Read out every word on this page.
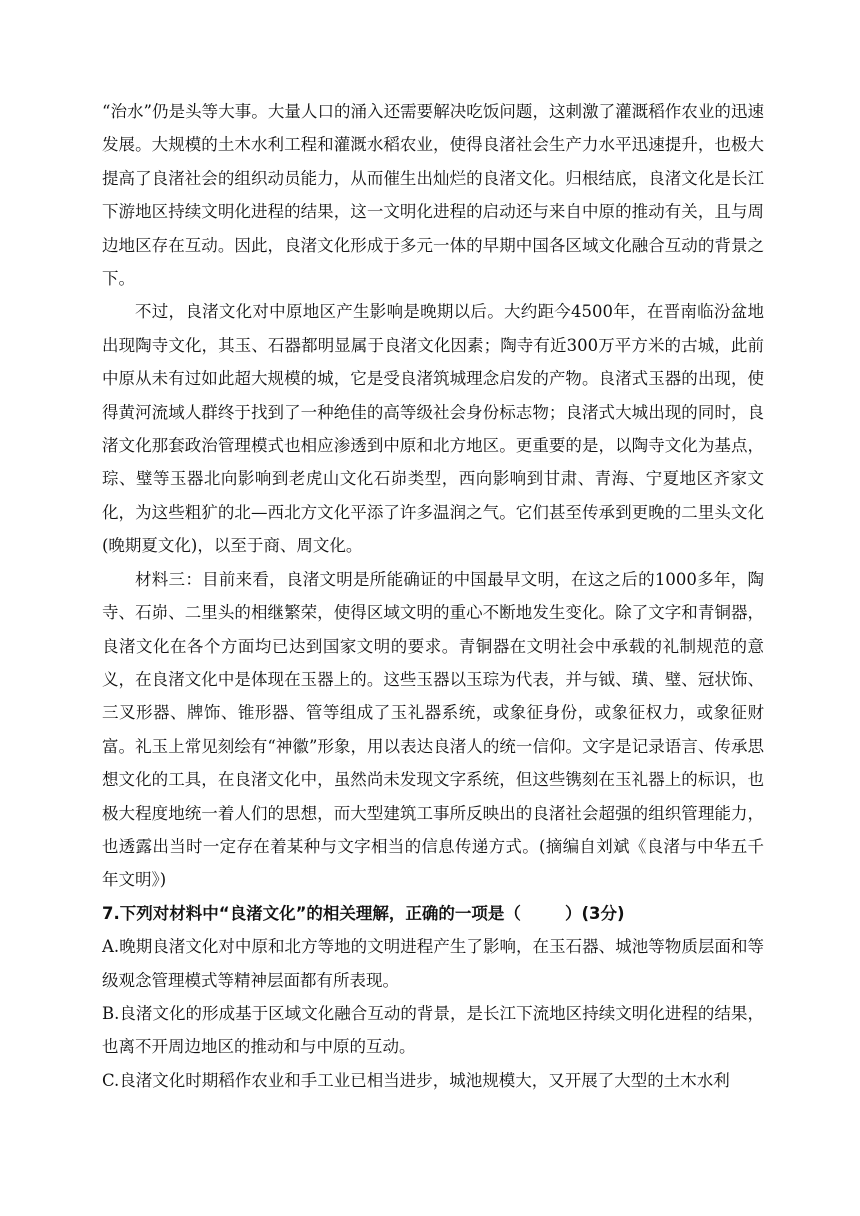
“治水”仍是头等大事。大量人口的涌入还需要解决吃饭问题，这刺激了灌溉稻作农业的迅速发展。大规模的土木水利工程和灌溉水稻农业，使得良渚社会生产力水平迅速提升，也极大提高了良渚社会的组织动员能力，从而催生出灿烂的良渚文化。归根结底，良渚文化是长江下游地区持续文明化进程的结果，这一文明化进程的启动还与来自中原的推动有关，且与周边地区存在互动。因此，良渚文化形成于多元一体的早期中国各区域文化融合互动的背景之下。

不过，良渚文化对中原地区产生影响是晚期以后。大约距今4500年，在晋南临汾盆地出现陶寺文化，其玉、石器都明显属于良渚文化因素；陶寺有近300万平方米的古城，此前中原从未有过如此超大规模的城，它是受良渚筑城理念启发的产物。良渚式玉器的出现，使得黄河流域人群终于找到了一种绝佳的高等级社会身份标志物；良渚式大城出现的同时，良渚文化那套政治管理模式也相应渗透到中原和北方地区。更重要的是，以陶寺文化为基点，琮、璧等玉器北向影响到老虎山文化石峁类型，西向影响到甘肃、青海、宁夏地区齐家文化，为这些粗犷的北—西北方文化平添了许多温润之气。它们甚至传承到更晚的二里头文化(晚期夏文化)，以至于商、周文化。

材料三：目前来看，良渚文明是所能确证的中国最早文明，在这之后的1000多年，陶寺、石峁、二里头的相继繁荣，使得区域文明的重心不断地发生变化。除了文字和青铜器，良渚文化在各个方面均已达到国家文明的要求。青铜器在文明社会中承载的礼制规范的意义，在良渚文化中是体现在玉器上的。这些玉器以玉琮为代表，并与钺、璜、璧、冠状饰、三叉形器、牌饰、锥形器、管等组成了玉礼器系统，或象征身份，或象征权力，或象征财富。礼玉上常见刻绘有“神徽”形象，用以表达良渚人的统一信仰。文字是记录语言、传承思想文化的工具，在良渚文化中，虽然尚未发现文字系统，但这些镌刻在玉礼器上的标识，也极大程度地统一着人们的思想，而大型建筑工事所反映出的良渚社会超强的组织管理能力，也透露出当时一定存在着某种与文字相当的信息传递方式。(摘编自刘斌《良渚与中华五千年文明》)

7.下列对材料中“良渚文化”的相关理解，正确的一项是（	）(3分)

A.晚期良渚文化对中原和北方等地的文明进程产生了影响，在玉石器、城池等物质层面和等级观念管理模式等精神层面都有所表现。

B.良渚文化的形成基于区域文化融合互动的背景，是长江下流地区持续文明化进程的结果，也离不开周边地区的推动和与中原的互动。

C.良渚文化时期稻作农业和手工业已相当进步，城池规模大，又开展了大型的土木水利
